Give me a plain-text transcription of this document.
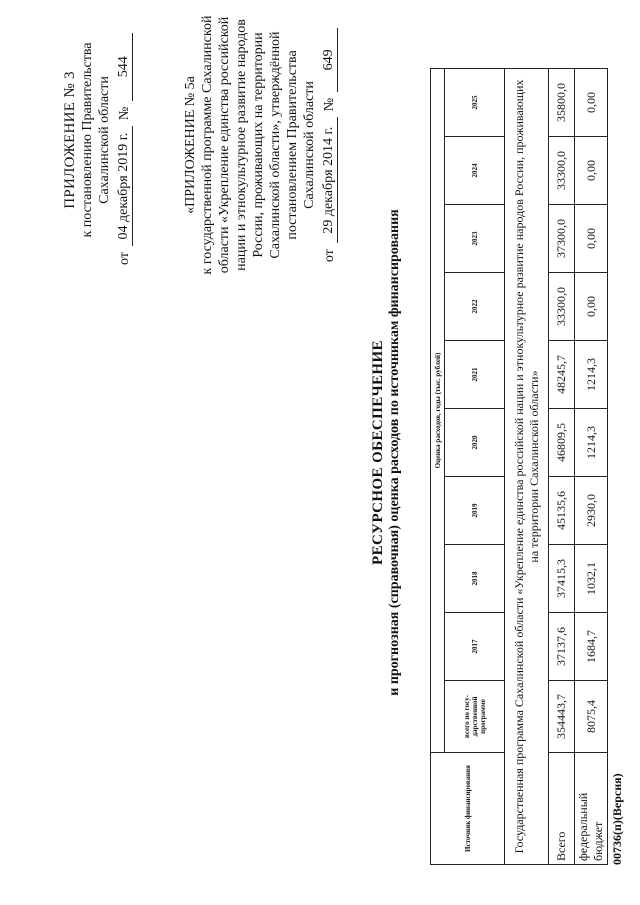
ПРИЛОЖЕНИЕ № 3 к постановлению Правительства Сахалинской области
от
04 декабря 2019 г.
№
544
«ПРИЛОЖЕНИЕ № 5а к государственной программе Сахалинской области «Укрепление единства российской нации и этнокультурное развитие народов России, проживающих на территории Сахалинской области», утверждённой постановлением Правительства Сахалинской области
от
29 декабря 2014 г.
№
649
РЕСУРСНОЕ ОБЕСПЕЧЕНИЕ и прогнозная (справочная) оценка расходов по источникам финансирования
Источник финансирования	Оценка расходов, годы (тыс. рублей)									
	всего по госу-дарственной программе	2017	2018	2019	2020	2021	2022	2023	2024	2025
Государственная программа Сахалинской области «Укрепление единства российской нации и этнокультурное развитие народов России, проживающих на территории Сахалинской области»										
Всего	354443,7	37137,6	37415,3	45135,6	46809,5	48245,7	33300,0	37300,0	33300,0	35800,0
федеральный бюджет	8075,4	1684,7	1032,1	2930,0	1214,3	1214,3	0,00	0,00	0,00	0,00
00736(п)(Версия)
